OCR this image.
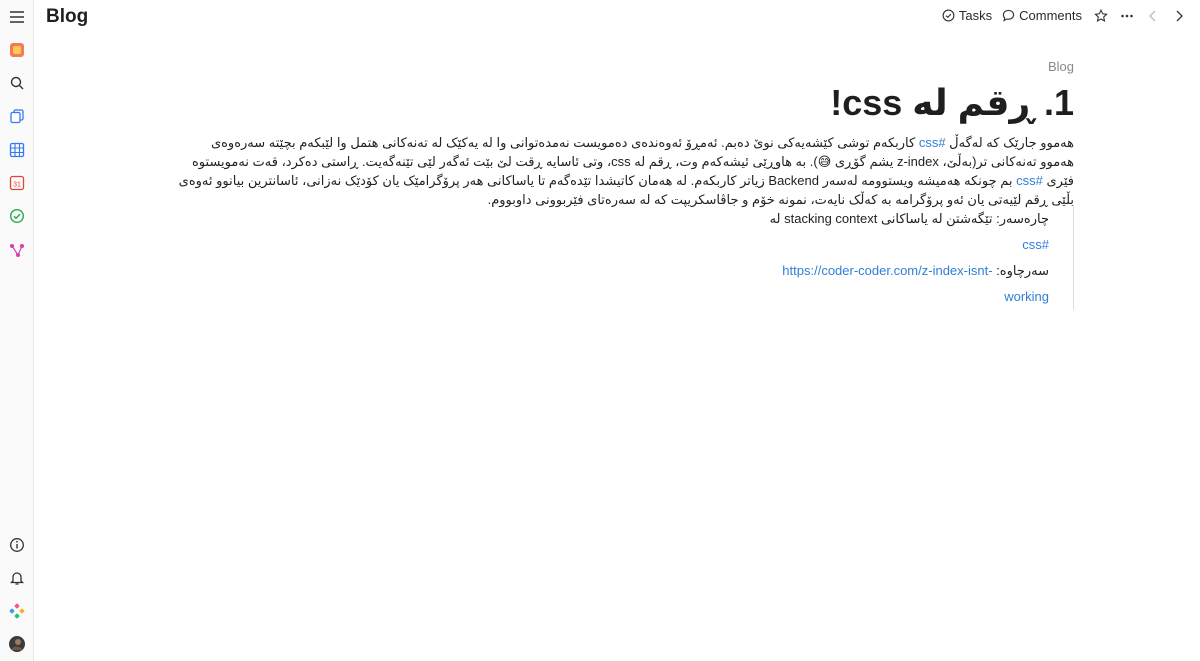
31
Blog	Tasks Comments
Blog
1. ڕقم لە css!
هەموو جارێک کە لەگەڵ #css کاربکەم توشی کێشەیەکی نوێ دەبم. ئەمڕۆ ئەوەندەی دەمویست نەمدەتوانی وا لە یەکێک لە تەنەکانی هتمل وا لێبکەم بچێتە سەرەوەی هەموو تەنەکانی تر(بەڵێ، z-index یشم گۆڕی 😅). بە هاوڕێی ئیشەکەم وت، ڕقم لە css، وتی ئاسایە ڕقت لێ بێت ئەگەر لێی تێنەگەیت. ڕاستی دەکرد، قەت نەمویستوە فێری #css بم چونکە هەمیشە ویستوومە لەسەر Backend زیاتر کاربکەم. لە هەمان کاتیشدا تێدەگەم تا یاساکانی هەر پرۆگرامێک یان کۆدێک نەزانی، ئاسانترین بیانوو ئەوەی بڵێی ڕقم لێیەتی یان ئەو پرۆگرامە بە کەڵک نایەت، نمونە خۆم و جاڤاسکریپت کە لە سەرەتای فێربوونی داوبووم.

چارەسەر: تێگەشتن لە یاساکانی stacking context لە #css

سەرچاوە: https://coder-coder.com/z-index-isnt-working
